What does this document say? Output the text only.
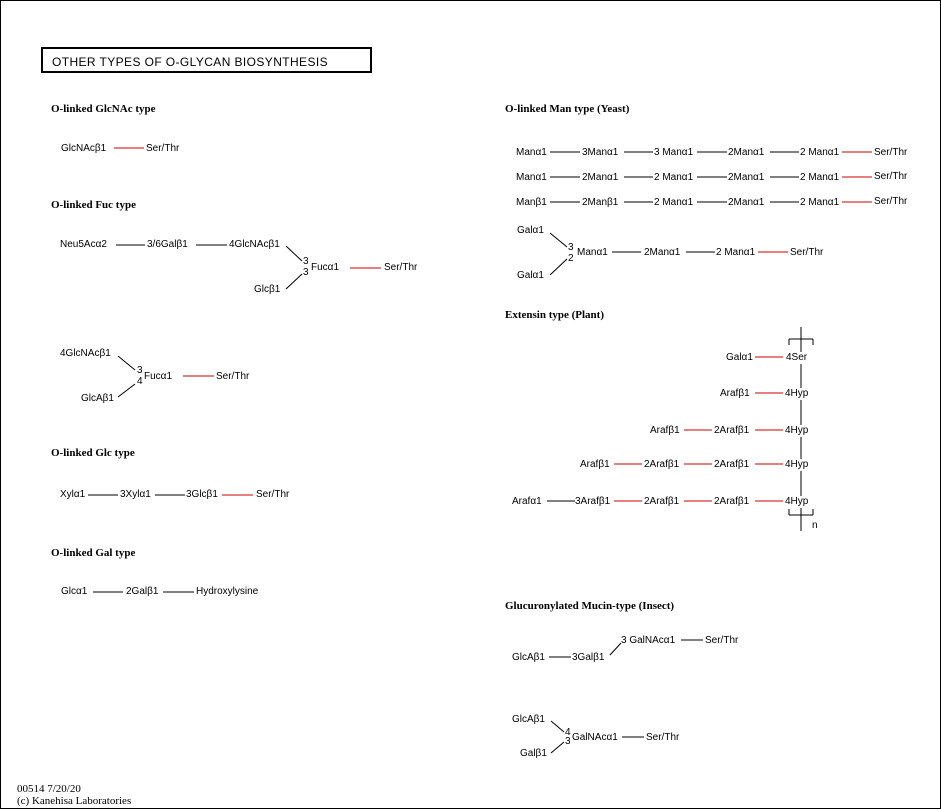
OTHER TYPES OF O-GLYCAN BIOSYNTHESIS
O-linked GlcNAc type
O-linked Fuc type
O-linked Glc type
O-linked Gal type
O-linked Man type (Yeast)
Extensin type (Plant)
Glucuronylated Mucin-type (Insect)
GlcNAcβ1	Ser/Thr
Neu5Acα2	3/6Galβ1	4GlcNAcβ1
Glcβ1
3
3 Fucα1	Ser/Thr
4GlcNAcβ1
GlcAβ1
3
4 Fucα1	Ser/Thr
Xylα1	3Xylα1	3Glcβ1	Ser/Thr
Glcα1	2Galβ1	Hydroxylysine
Manα1	3Manα1	3 Manα1	2Manα1	2 Manα1	Ser/Thr
Manα1	2Manα1	2 Manα1	2Manα1	2 Manα1	Ser/Thr
Manβ1	2Manβ1	2 Manα1	2Manα1	2 Manα1	Ser/Thr
Galα1
Galα1
3
2
Manα1	2Manα1	2 Manα1	Ser/Thr
Galα1	4Ser
Arafβ1	4Hyp
Arafβ1	2Arafβ1	4Hyp
Arafβ1	2Arafβ1	2Arafβ1	4Hyp
Arafα1	3Arafβ1	2Arafβ1	2Arafβ1	4Hyp
n
GlcAβ1	3Galβ1
3 GalNAcα1	Ser/Thr
GlcAβ1
Galβ1
4
3 GalNAcα1	Ser/Thr
00514 7/20/20
(c) Kanehisa Laboratories
